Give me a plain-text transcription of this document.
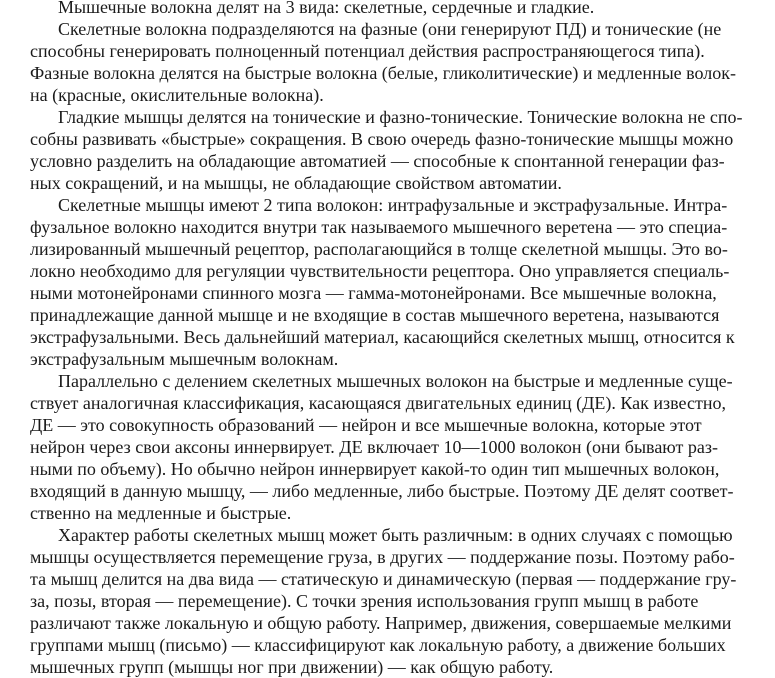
Мышечные волокна делят на 3 вида: скелетные, сердечные и гладкие.
Скелетные волокна подразделяются на фазные (они генерируют ПД) и тонические (не
способны генерировать полноценный потенциал действия распространяющегося типа).
Фазные волокна делятся на быстрые волокна (белые, гликолитические) и медленные волок-
на (красные, окислительные волокна).
Гладкие мышцы делятся на тонические и фазно-тонические. Тонические волокна не спо-
собны развивать «быстрые» сокращения. В свою очередь фазно-тонические мышцы можно
условно разделить на обладающие автоматией — способные к спонтанной генерации фаз-
ных сокращений, и на мышцы, не обладающие свойством автоматии.
Скелетные мышцы имеют 2 типа волокон: интрафузальные и экстрафузальные. Интра-
фузальное волокно находится внутри так называемого мышечного веретена — это специа-
лизированный мышечный рецептор, располагающийся в толще скелетной мышцы. Это во-
локно необходимо для регуляции чувствительности рецептора. Оно управляется специаль-
ными мотонейронами спинного мозга — гамма-мотонейронами. Все мышечные волокна,
принадлежащие данной мышце и не входящие в состав мышечного веретена, называются
экстрафузальными. Весь дальнейший материал, касающийся скелетных мышц, относится к
экстрафузальным мышечным волокнам.
Параллельно с делением скелетных мышечных волокон на быстрые и медленные суще-
ствует аналогичная классификация, касающаяся двигательных единиц (ДЕ). Как известно,
ДЕ — это совокупность образований — нейрон и все мышечные волокна, которые этот
нейрон через свои аксоны иннервирует. ДЕ включает 10—1000 волокон (они бывают раз-
ными по объему). Но обычно нейрон иннервирует какой-то один тип мышечных волокон,
входящий в данную мышцу, — либо медленные, либо быстрые. Поэтому ДЕ делят соответ-
ственно на медленные и быстрые.
Характер работы скелетных мышц может быть различным: в одних случаях с помощью
мышцы осуществляется перемещение груза, в других — поддержание позы. Поэтому рабо-
та мышц делится на два вида — статическую и динамическую (первая — поддержание гру-
за, позы, вторая — перемещение). С точки зрения использования групп мышц в работе
различают также локальную и общую работу. Например, движения, совершаемые мелкими
группами мышц (письмо) — классифицируют как локальную работу, а движение больших
мышечных групп (мышцы ног при движении) — как общую работу.
